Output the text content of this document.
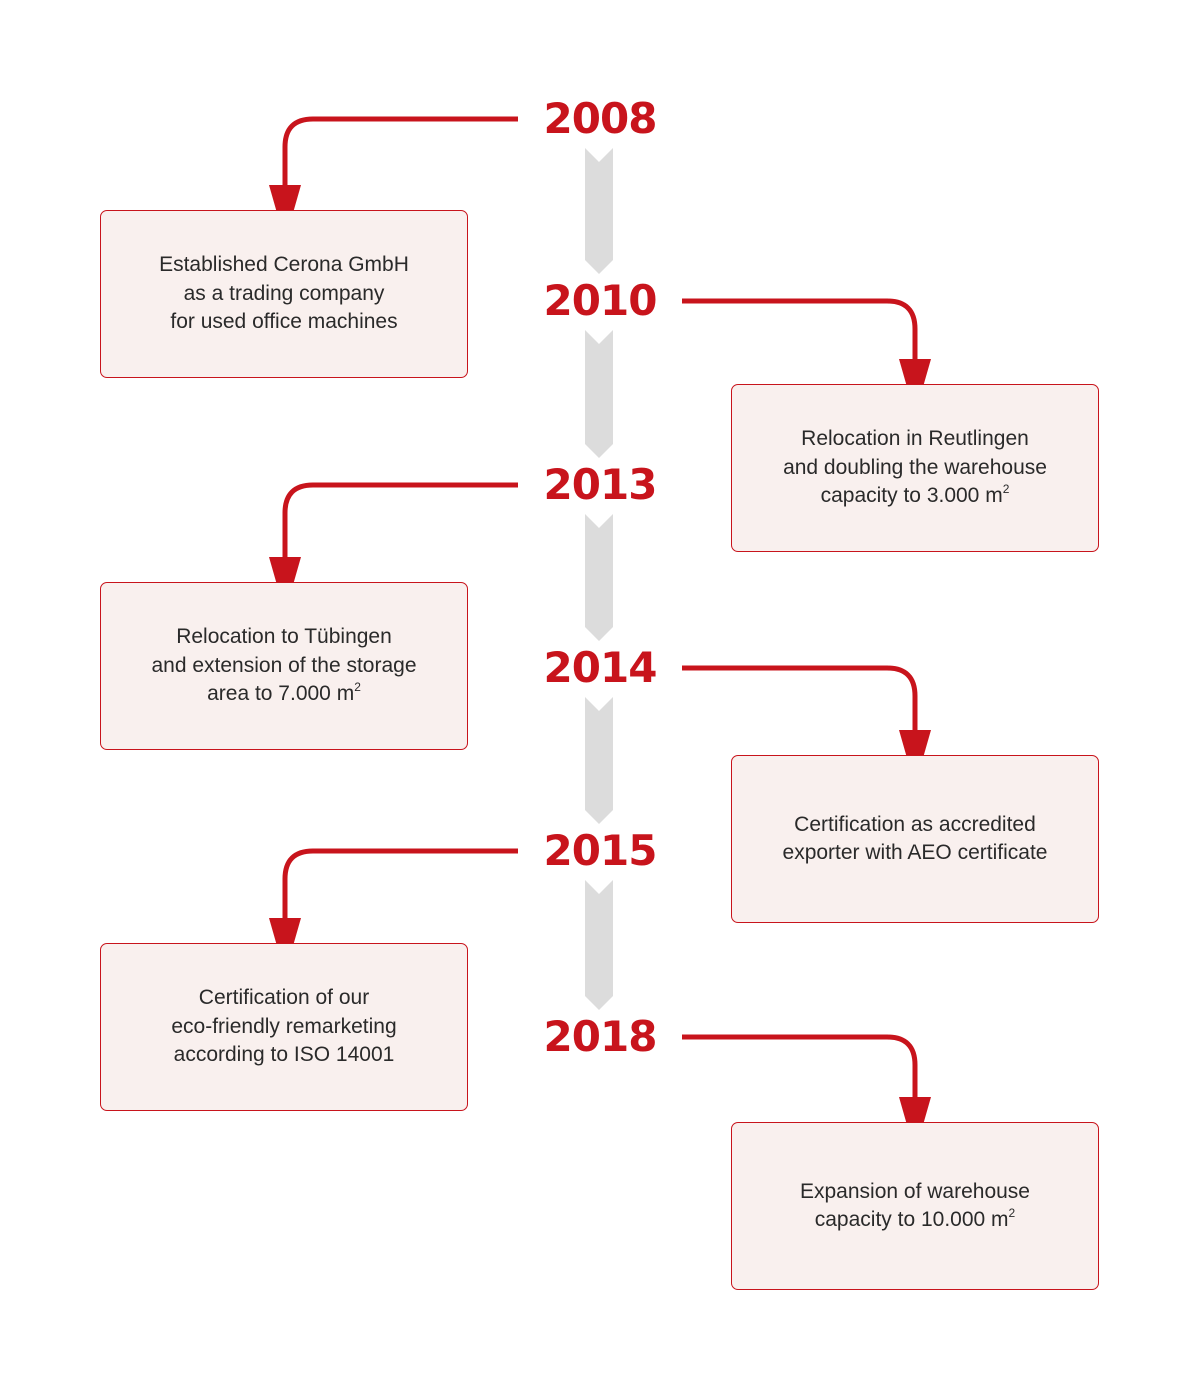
2008
Established Cerona GmbH
as a trading company
for used office machines	2010
Relocation in Reutlingen
and doubling the warehouse
capacity to 3.000 $m^2$
2013
Relocation to Tübingen
and extension of the storage
area to 7.000 $m^2$	2014
Certification as accredited
exporter with AEO certificate
2015
Certification of our
eco-friendly remarketing
according to ISO 14001	2018
Expansion of warehouse
capacity to 10.000 $m^2$
